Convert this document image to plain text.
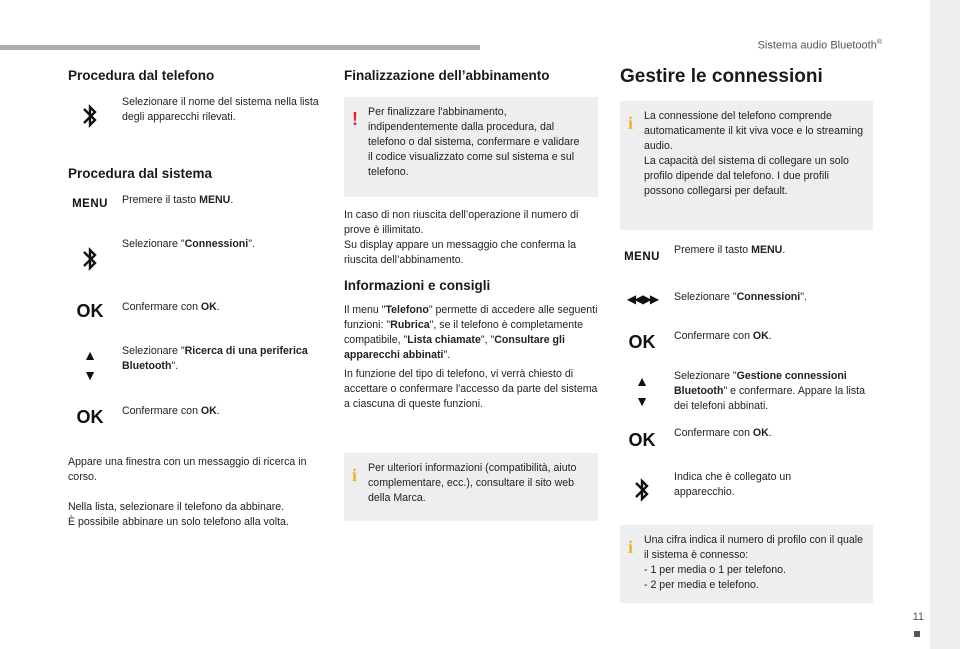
Sistema audio Bluetooth®
11
Procedura dal telefono
Selezionare il nome del sistema nella lista degli apparecchi rilevati.
Procedura dal sistema
MENU	Premere il tasto MENU.
Selezionare "Connessioni".
OK	Confermare con OK.
▲
▼
Selezionare "Ricerca di una periferica Bluetooth".
OK	Confermare con OK.
Appare una finestra con un messaggio di ricerca in corso.
Nella lista, selezionare il telefono da abbinare.
È possibile abbinare un solo telefono alla volta.
Finalizzazione dell’abbinamento
! Per finalizzare l'abbinamento, indipendentemente dalla procedura, dal telefono o dal sistema, confermare e validare il codice visualizzato come sul sistema e sul telefono.
In caso di non riuscita dell’operazione il numero di prove è illimitato.
Su display appare un messaggio che conferma la riuscita dell’abbinamento.
Informazioni e consigli
Il menu "Telefono" permette di accedere alle seguenti funzioni: "Rubrica", se il telefono è completamente compatibile, "Lista chiamate", "Consultare gli apparecchi abbinati".
In funzione del tipo di telefono, vi verrà chiesto di accettare o confermare l'accesso da parte del sistema a ciascuna di queste funzioni.
i Per ulteriori informazioni (compatibilità, aiuto complementare, ecc.), consultare il sito web della Marca.
Gestire le connessioni
i La connessione del telefono comprende automaticamente il kit viva voce e lo streaming audio.
La capacità del sistema di collegare un solo profilo dipende dal telefono. I due profili possono collegarsi per default.
MENU
Premere il tasto MENU.
◀◀ ▶▶	Selezionare "Connessioni".
OK	Confermare con OK.
▲
▼
Selezionare "Gestione connessioni Bluetooth" e confermare. Appare la lista dei telefoni abbinati.
OK	Confermare con OK.
Indica che è collegato un apparecchio.
i Una cifra indica il numero di profilo con il quale il sistema è connesso:
- 1 per media o 1 per telefono.
- 2 per media e telefono.
